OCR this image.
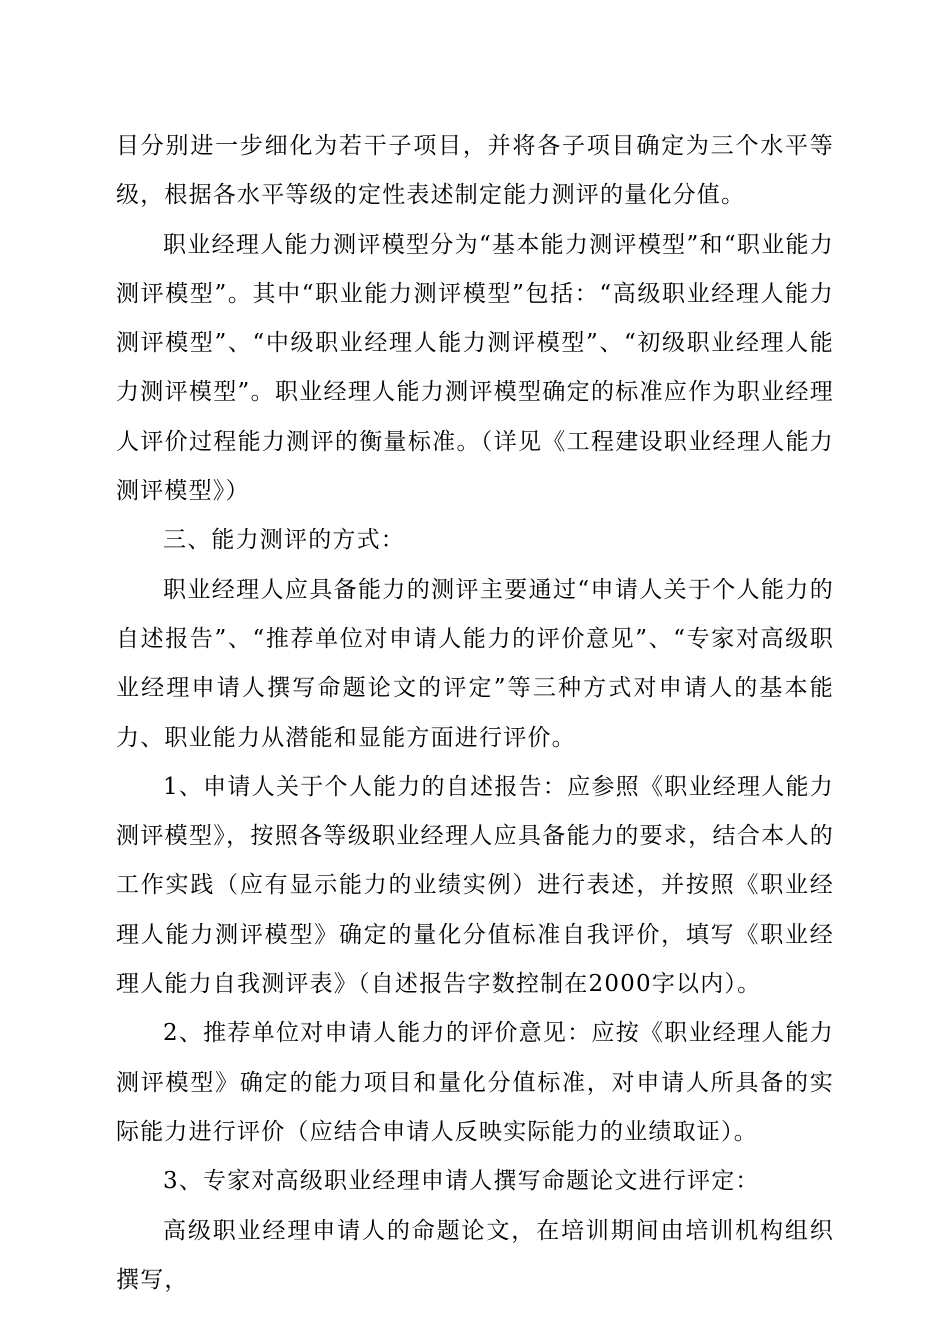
目分别进一步细化为若干子项目，并将各子项目确定为三个水平等级，根据各水平等级的定性表述制定能力测评的量化分值。

职业经理人能力测评模型分为“基本能力测评模型”和“职业能力测评模型”。其中“职业能力测评模型”包括：“高级职业经理人能力测评模型”、“中级职业经理人能力测评模型”、“初级职业经理人能力测评模型”。职业经理人能力测评模型确定的标准应作为职业经理人评价过程能力测评的衡量标准。（详见《工程建设职业经理人能力测评模型》）

三、能力测评的方式：

职业经理人应具备能力的测评主要通过“申请人关于个人能力的自述报告”、“推荐单位对申请人能力的评价意见”、“专家对高级职业经理申请人撰写命题论文的评定”等三种方式对申请人的基本能力、职业能力从潜能和显能方面进行评价。

1、申请人关于个人能力的自述报告：应参照《职业经理人能力测评模型》，按照各等级职业经理人应具备能力的要求，结合本人的工作实践（应有显示能力的业绩实例）进行表述，并按照《职业经理人能力测评模型》确定的量化分值标准自我评价，填写《职业经理人能力自我测评表》（自述报告字数控制在2000字以内）。

2、推荐单位对申请人能力的评价意见：应按《职业经理人能力测评模型》确定的能力项目和量化分值标准，对申请人所具备的实际能力进行评价（应结合申请人反映实际能力的业绩取证）。

3、专家对高级职业经理申请人撰写命题论文进行评定：

高级职业经理申请人的命题论文，在培训期间由培训机构组织撰写，
